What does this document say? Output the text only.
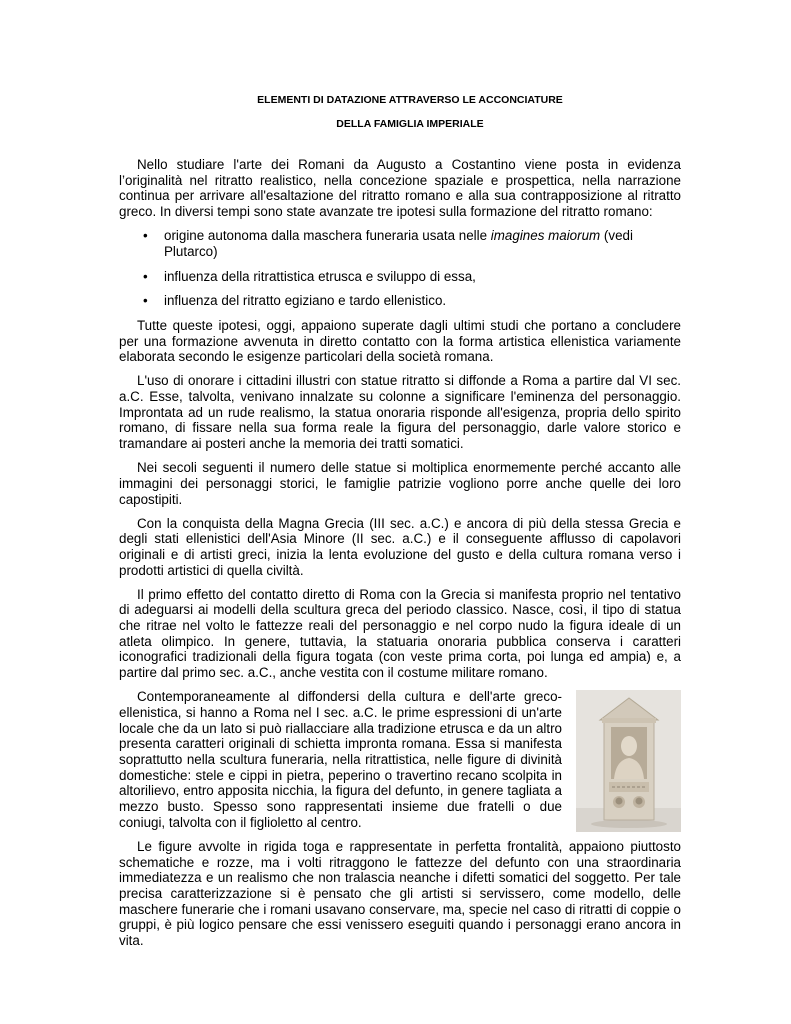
ELEMENTI DI DATAZIONE ATTRAVERSO LE ACCONCIATURE
DELLA FAMIGLIA IMPERIALE

Nello studiare l'arte dei Romani da Augusto a Costantino viene posta in evidenza l’originalità nel ritratto realistico, nella concezione spaziale e prospettica, nella narrazione continua per arrivare all'esaltazione del ritratto romano e alla sua contrapposizione al ritratto greco. In diversi tempi sono state avanzate tre ipotesi sulla formazione del ritratto romano:

• origine autonoma dalla maschera funeraria usata nelle imagines maiorum (vedi Plutarco)
• influenza della ritrattistica etrusca e sviluppo di essa,
• influenza del ritratto egiziano e tardo ellenistico.

Tutte queste ipotesi, oggi, appaiono superate dagli ultimi studi che portano a concludere per una formazione avvenuta in diretto contatto con la forma artistica ellenistica variamente elaborata secondo le esigenze particolari della società romana.

L'uso di onorare i cittadini illustri con statue ritratto si diffonde a Roma a partire dal VI sec. a.C. Esse, talvolta, venivano innalzate su colonne a significare l'eminenza del personaggio. Improntata ad un rude realismo, la statua onoraria risponde all'esigenza, propria dello spirito romano, di fissare nella sua forma reale la figura del personaggio, darle valore storico e tramandare ai posteri anche la memoria dei tratti somatici.

Nei secoli seguenti il numero delle statue si moltiplica enormemente perché accanto alle immagini dei personaggi storici, le famiglie patrizie vogliono porre anche quelle dei loro capostipiti.

Con la conquista della Magna Grecia (III sec. a.C.) e ancora di più della stessa Grecia e degli stati ellenistici dell'Asia Minore (II sec. a.C.) e il conseguente afflusso di capolavori originali e di artisti greci, inizia la lenta evoluzione del gusto e della cultura romana verso i prodotti artistici di quella civiltà.

Il primo effetto del contatto diretto di Roma con la Grecia si manifesta proprio nel tentativo di adeguarsi ai modelli della scultura greca del periodo classico. Nasce, così, il tipo di statua che ritrae nel volto le fattezze reali del personaggio e nel corpo nudo la figura ideale di un atleta olimpico. In genere, tuttavia, la statuaria onoraria pubblica conserva i caratteri iconografici tradizionali della figura togata (con veste prima corta, poi lunga ed ampia) e, a partire dal primo sec. a.C., anche vestita con il costume militare romano.

Contemporaneamente al diffondersi della cultura e dell'arte greco-ellenistica, si hanno a Roma nel I sec. a.C. le prime espressioni di un'arte locale che da un lato si può riallacciare alla tradizione etrusca e da un altro presenta caratteri originali di schietta impronta romana. Essa si manifesta soprattutto nella scultura funeraria, nella ritrattistica, nelle figure di divinità domestiche: stele e cippi in pietra, peperino o travertino recano scolpita in altorilievo, entro apposita nicchia, la figura del defunto, in genere tagliata a mezzo busto. Spesso sono rappresentati insieme due fratelli o due coniugi, talvolta con il figlioletto al centro.

Le figure avvolte in rigida toga e rappresentate in perfetta frontalità, appaiono piuttosto schematiche e rozze, ma i volti ritraggono le fattezze del defunto con una straordinaria immediatezza e un realismo che non tralascia neanche i difetti somatici del soggetto. Per tale precisa caratterizzazione si è pensato che gli artisti si servissero, come modello, delle maschere funerarie che i romani usavano conservare, ma, specie nel caso di ritratti di coppie o gruppi, è più logico pensare che essi venissero eseguiti quando i personaggi erano ancora in vita.
